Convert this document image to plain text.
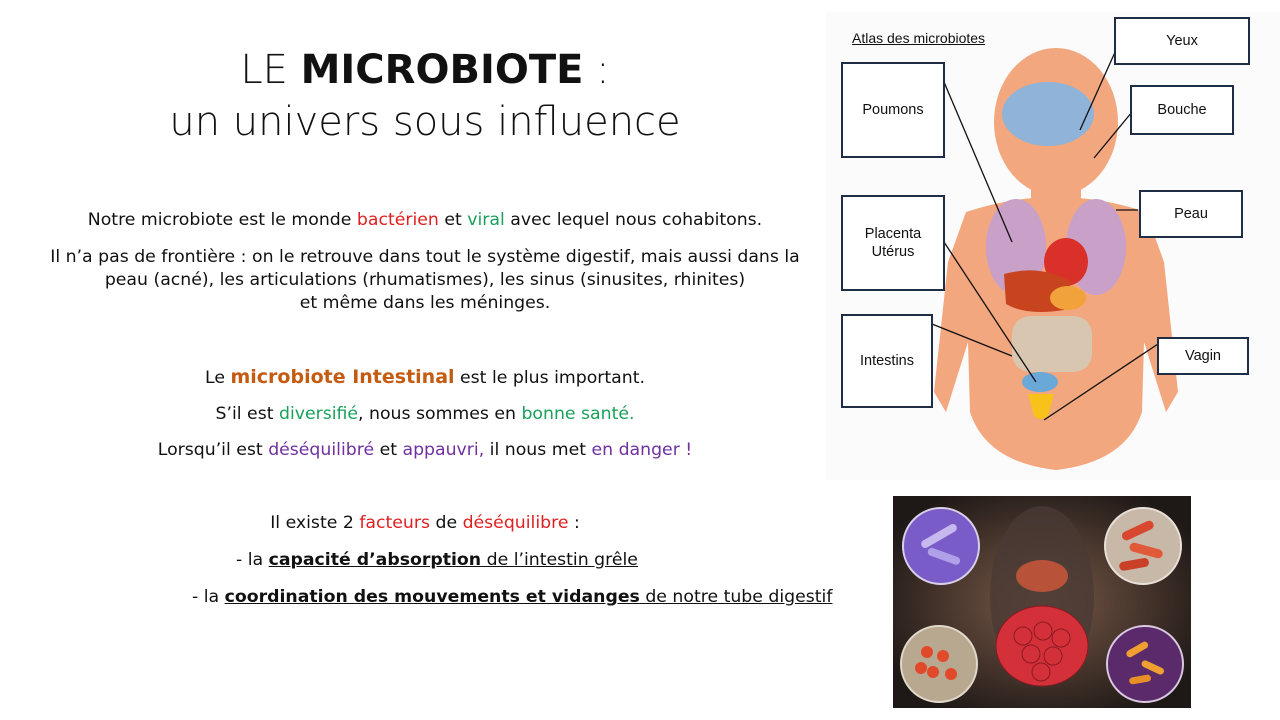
LE MICROBIOTE :
un univers sous influence
Notre microbiote est le monde bactérien et viral avec lequel nous cohabitons.
Il n’a pas de frontière : on le retrouve dans tout le système digestif, mais aussi dans la
peau (acné), les articulations (rhumatismes), les sinus (sinusites, rhinites)
et même dans les méninges.
Le microbiote Intestinal est le plus important.
S’il est diversifié, nous sommes en bonne santé.
Lorsqu’il est déséquilibré et appauvri, il nous met en danger !
Il existe 2 facteurs de déséquilibre :
- la capacité d’absorption de l’intestin grêle
- la coordination des mouvements et vidanges de notre tube digestif
Atlas des microbiotes	Yeux
Bouche
Poumons
Peau
Placenta
Utérus
Intestins	Vagin
